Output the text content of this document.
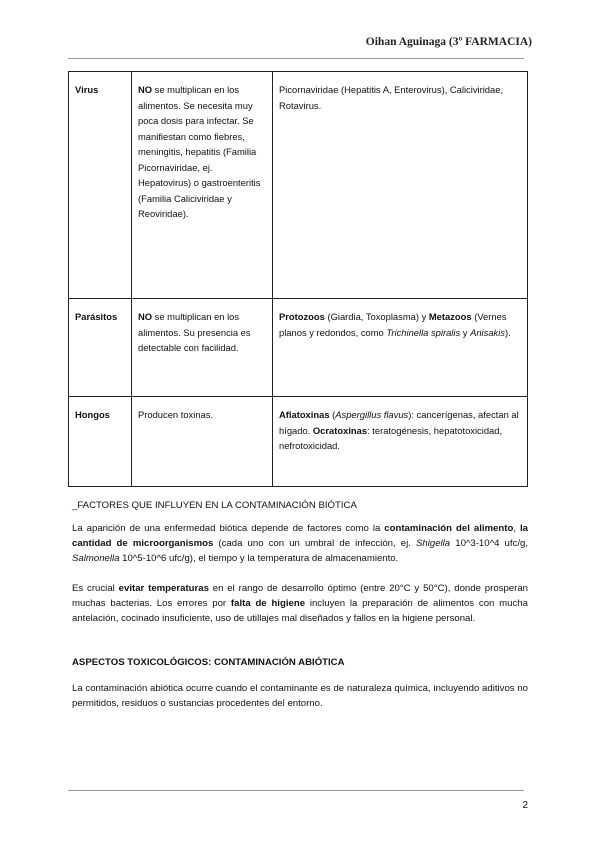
Oihan Aguinaga (3º FARMACIA)
Virus	NO se multiplican en los alimentos. Se necesita muy poca dosis para infectar. Se manifiestan como fiebres, meningitis, hepatitis (Familia Picornaviridae, ej. Hepatovirus) o gastroenteritis (Familia Caliciviridae y Reoviridae).	Picornaviridae (Hepatitis A, Enterovirus), Caliciviridae, Rotavirus.
Parásitos	NO se multiplican en los alimentos. Su presencia es detectable con facilidad.	Protozoos (Giardia, Toxoplasma) y Metazoos (Vernes planos y redondos, como Trichinella spiralis y Anisakis).
Hongos	Producen toxinas.	Aflatoxinas (Aspergillus flavus): cancerígenas, afectan al hígado. Ocratoxinas: teratogénesis, hepatotoxicidad, nefrotoxicidad.
_FACTORES QUE INFLUYEN EN LA CONTAMINACIÓN BIÓTICA

La aparición de una enfermedad biótica depende de factores como la contaminación del alimento, la cantidad de microorganismos (cada uno con un umbral de infección, ej. Shigella 10^3-10^4 ufc/g, Salmonella 10^5-10^6 ufc/g), el tiempo y la temperatura de almacenamiento.

Es crucial evitar temperaturas en el rango de desarrollo óptimo (entre 20°C y 50°C), donde prosperan muchas bacterias. Los errores por falta de higiene incluyen la preparación de alimentos con mucha antelación, cocinado insuficiente, uso de utillajes mal diseñados y fallos en la higiene personal.

ASPECTOS TOXICOLÓGICOS: CONTAMINACIÓN ABIÓTICA

La contaminación abiótica ocurre cuando el contaminante es de naturaleza química, incluyendo aditivos no permitidos, residuos o sustancias procedentes del entorno.

2
